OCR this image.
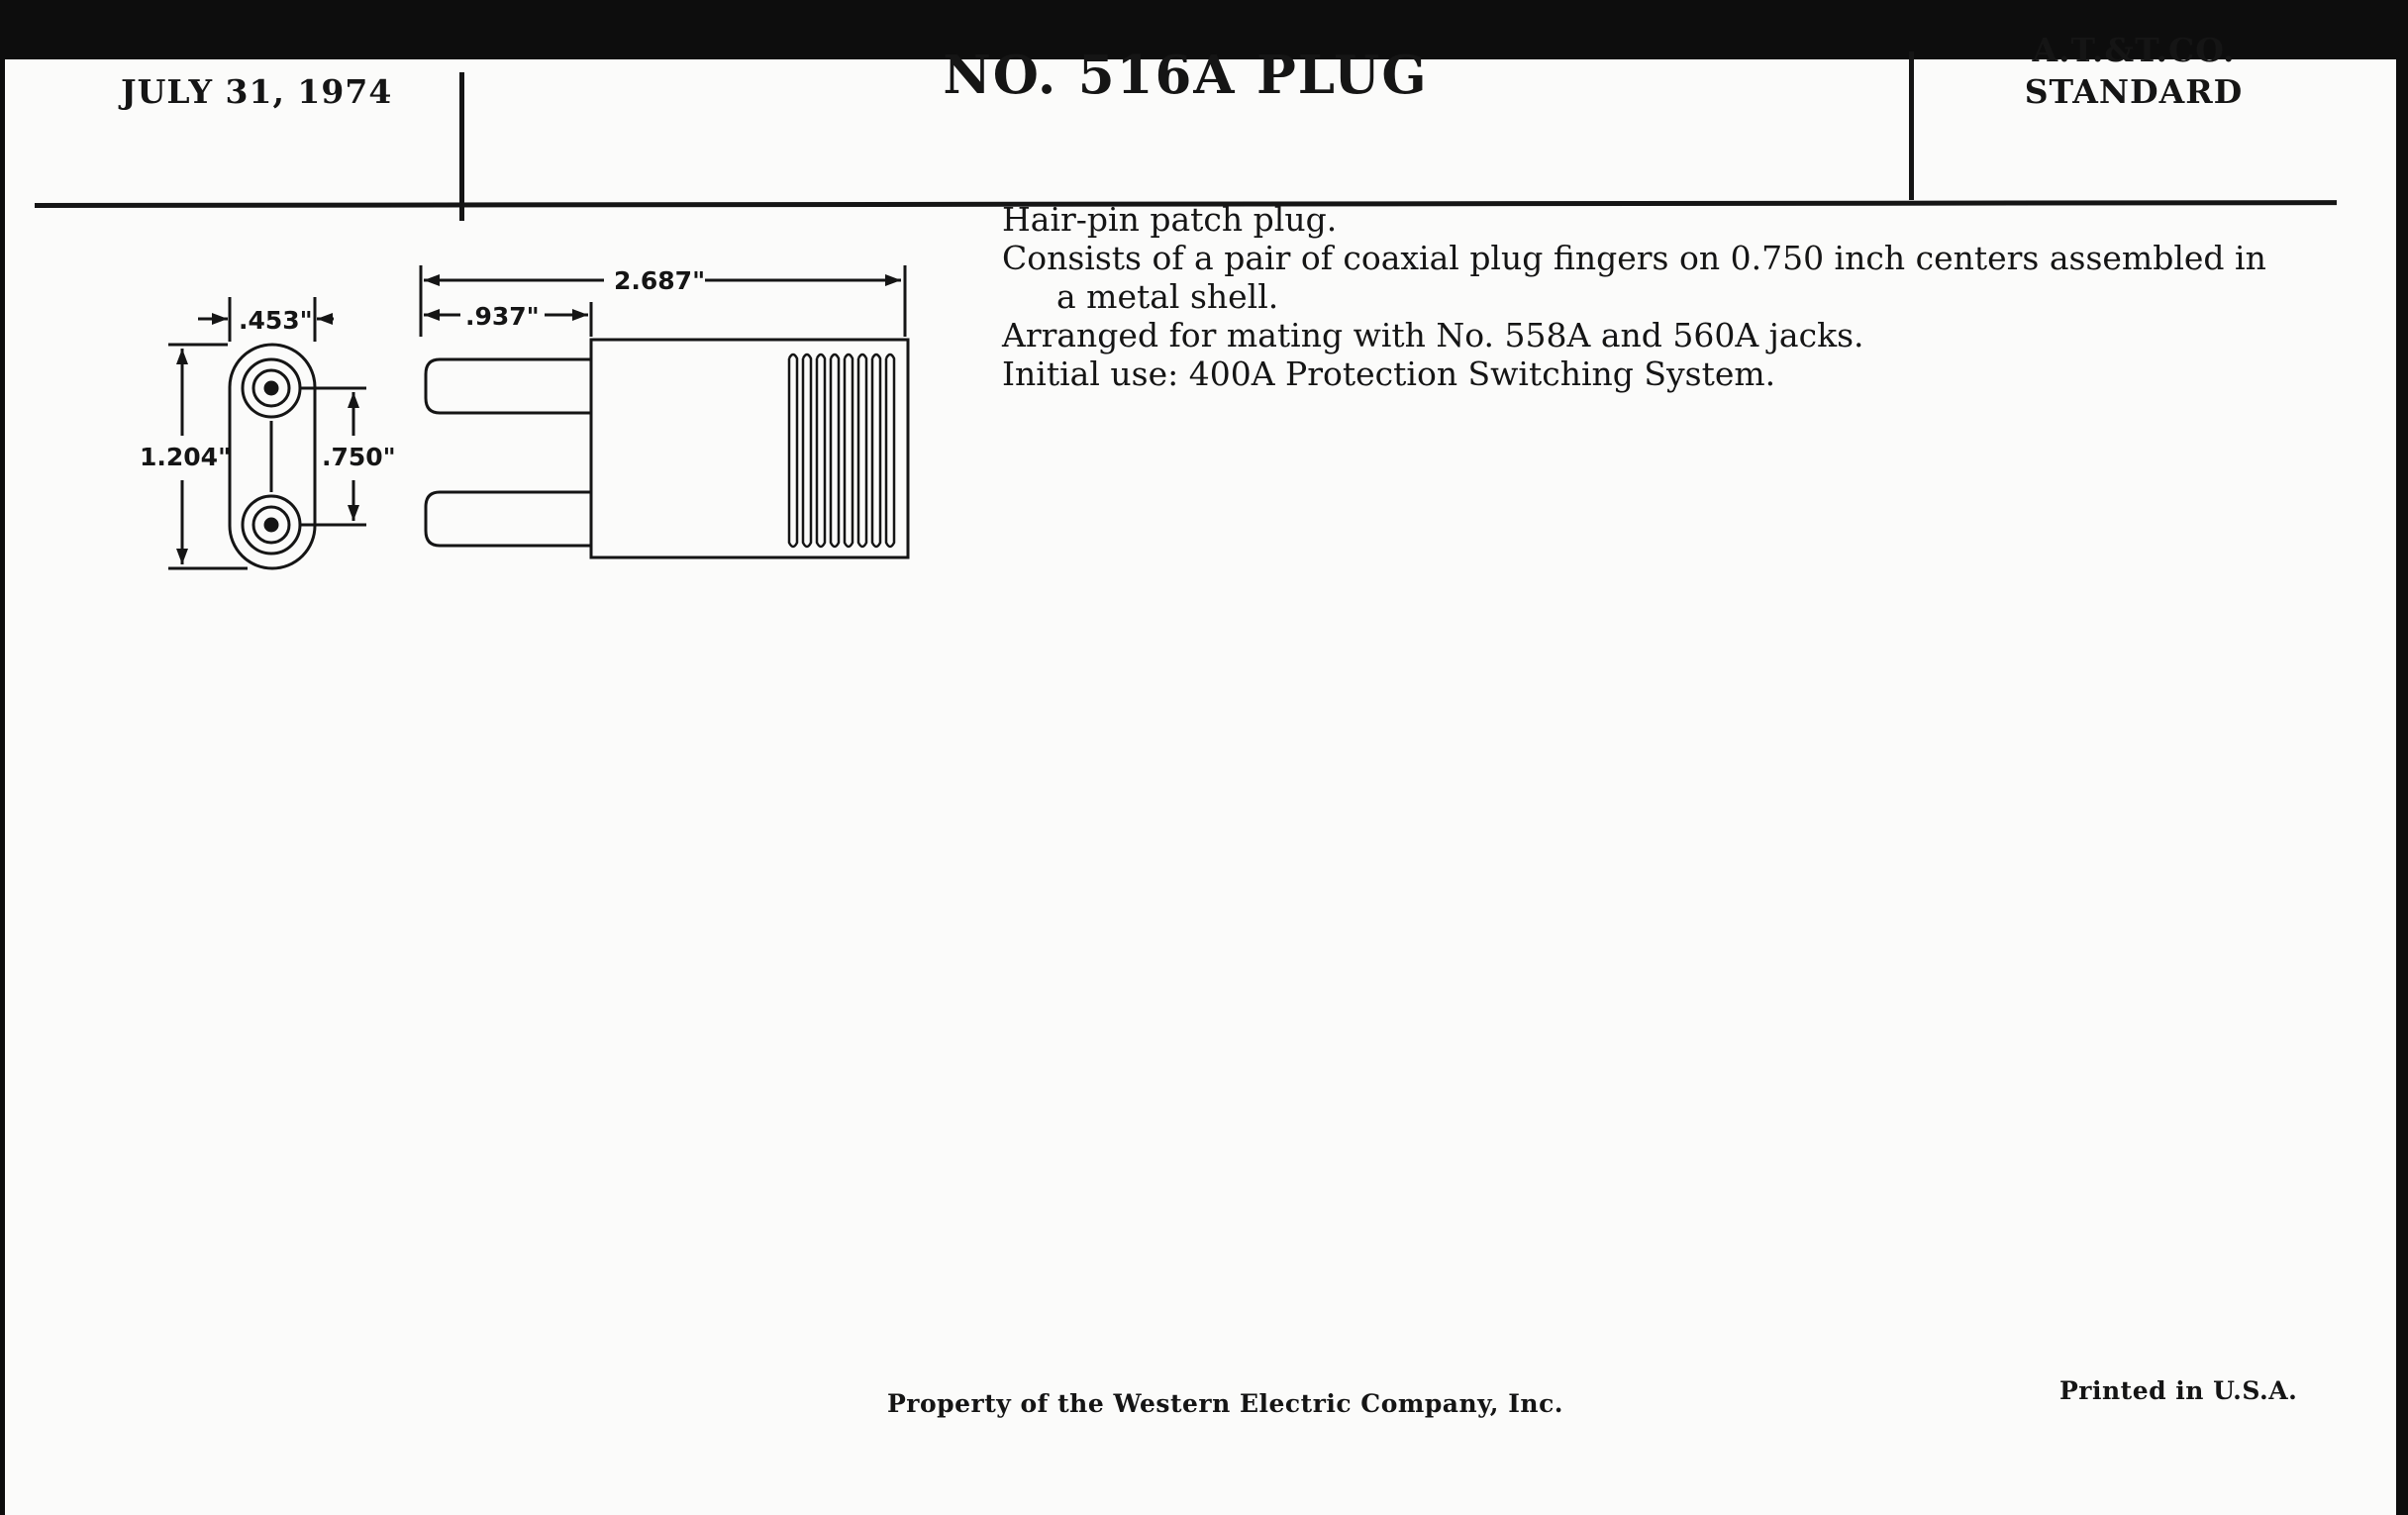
JULY 31, 1974	NO. 516A PLUG	A.T.&T.CO.
STANDARD
.453"
1.204"	.750"
.937"
2.687"
Hair-pin patch plug.
Consists of a pair of coaxial plug fingers on 0.750 inch centers assembled in
a metal shell.
Arranged for mating with No. 558A and 560A jacks.
Initial use: 400A Protection Switching System.
Property of the Western Electric Company, Inc.	Printed in U.S.A.
